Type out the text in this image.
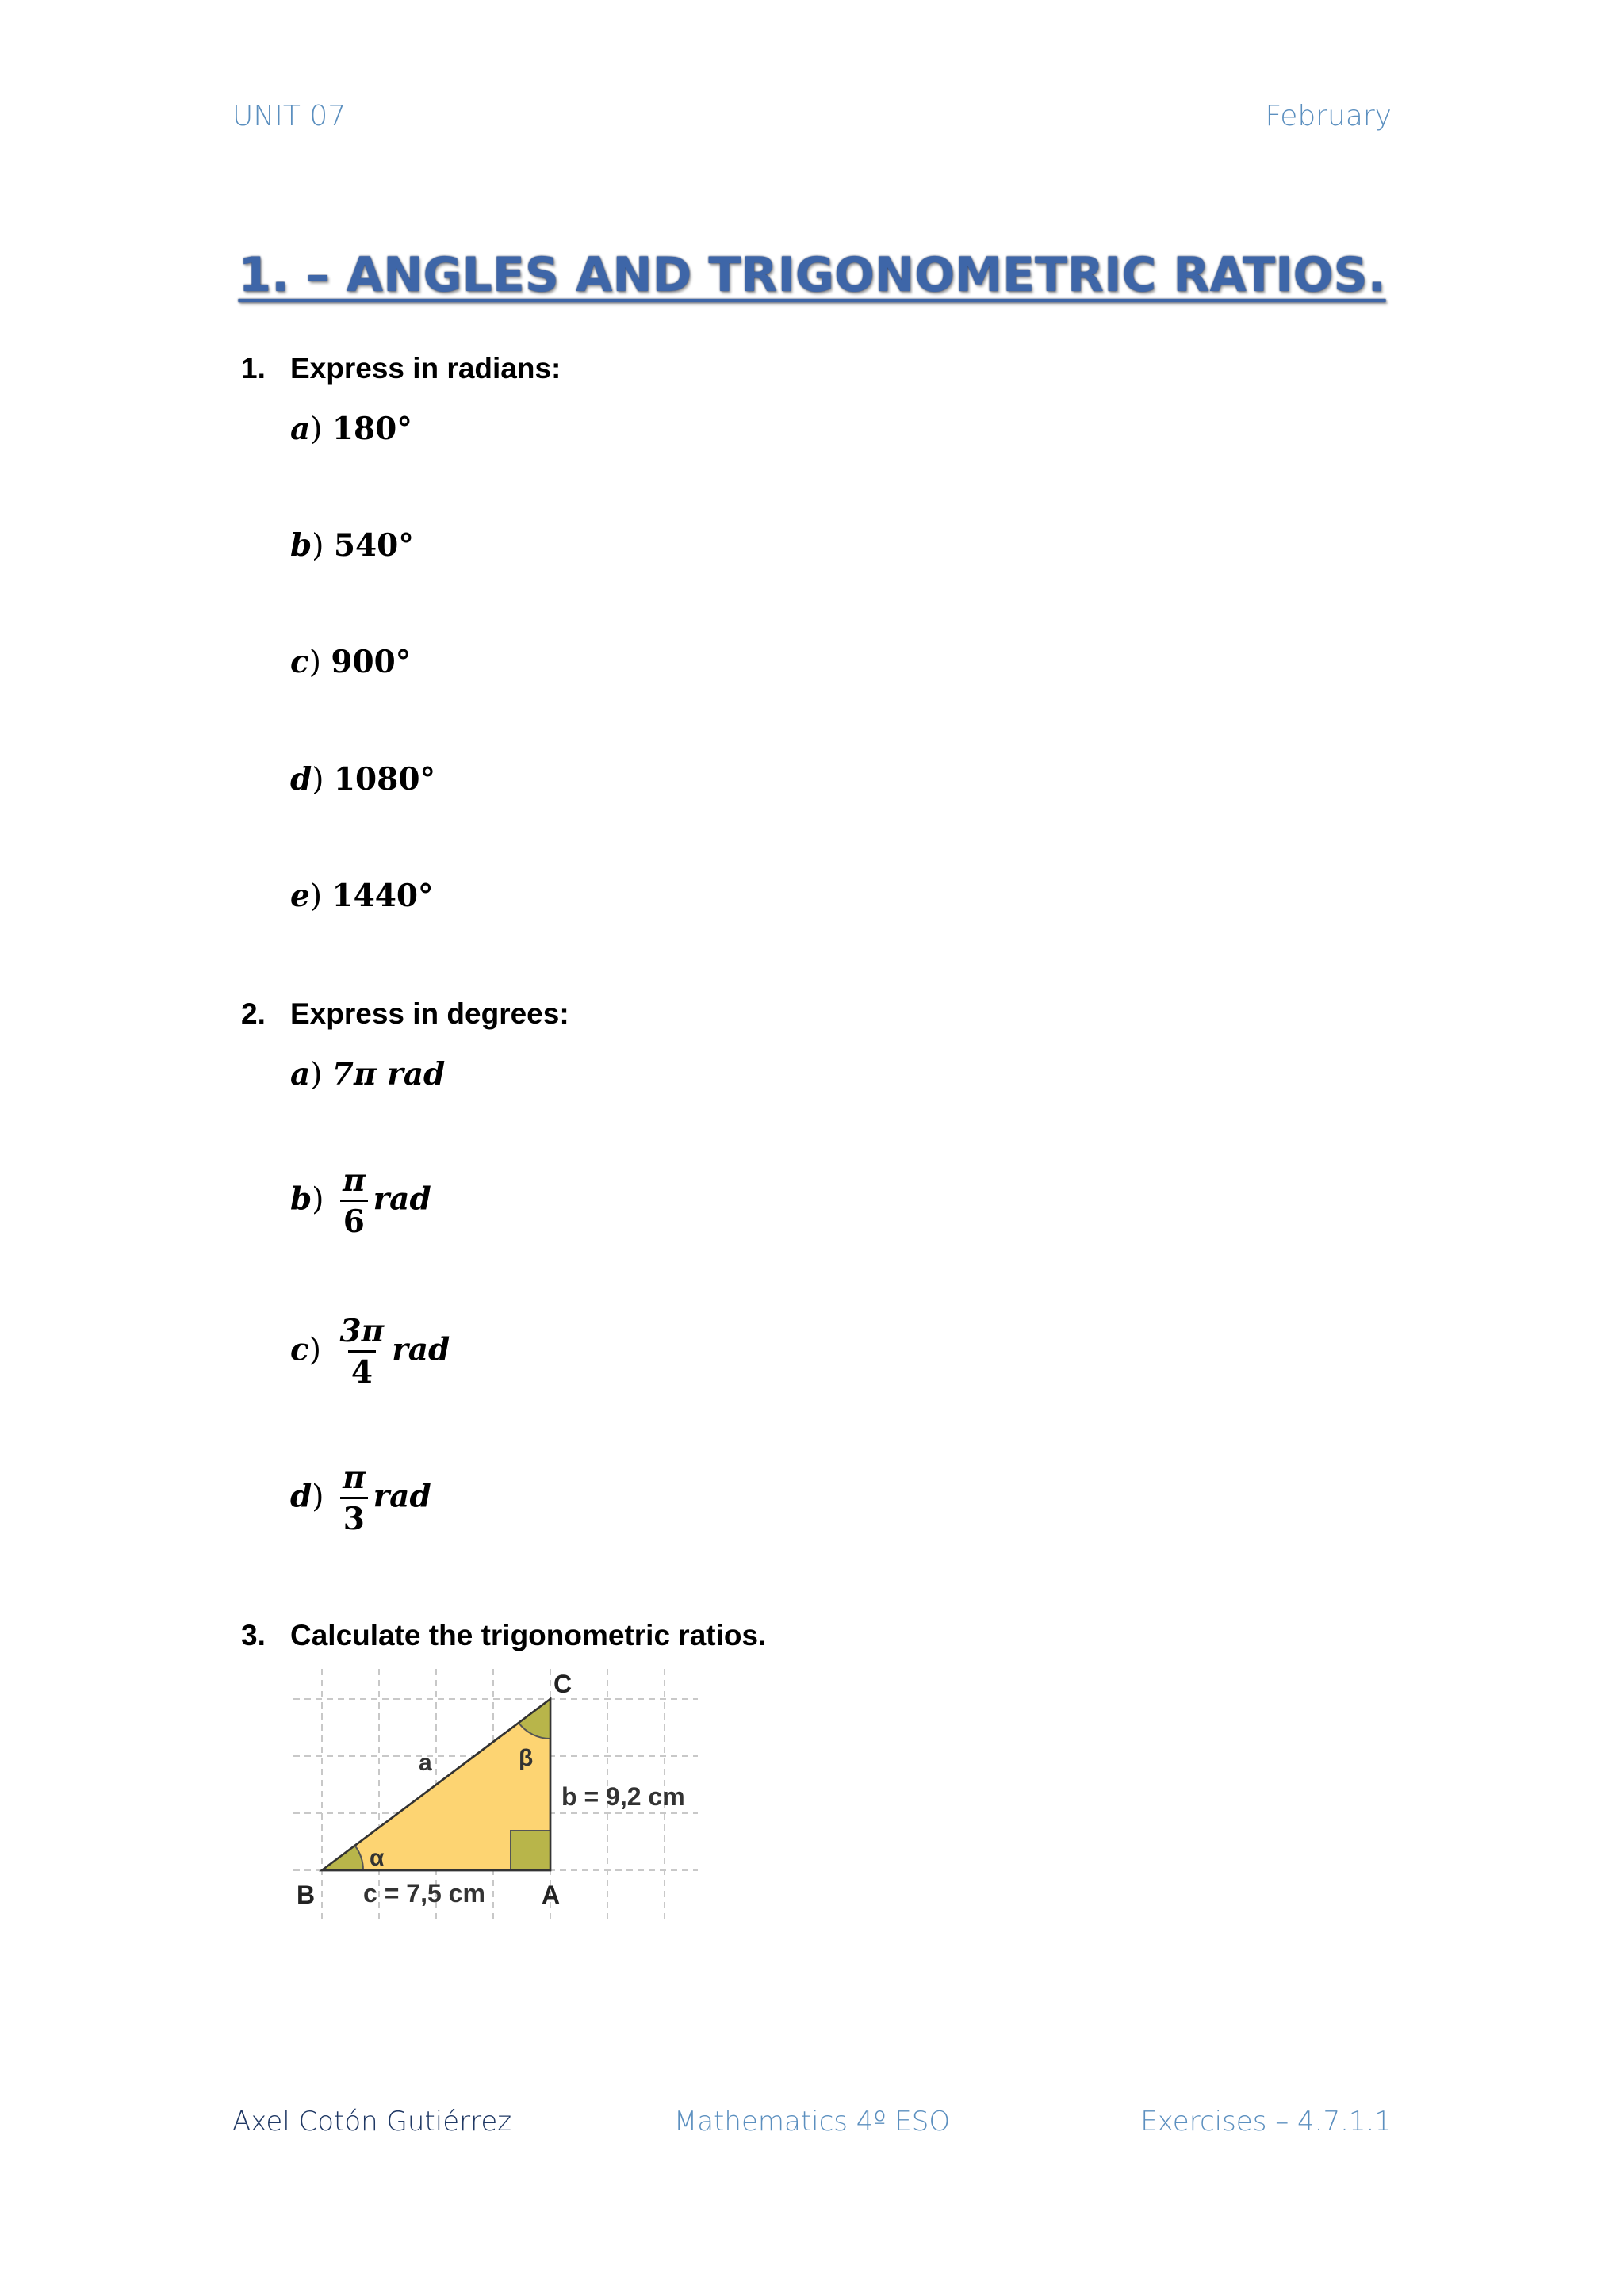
UNIT 07	February
1. – ANGLES AND TRIGONOMETRIC RATIOS.
1. Express in radians:
a) 180°
b) 540°
c) 900°
d) 1080°
e) 1440°
2. Express in degrees:
a) 7π rad
$b) \frac{\pi}{6}$ rad
$c) \frac{3\pi}{4}$ rad
$d) \frac{\pi}{3}$ rad
3. Calculate the trigonometric ratios.
C
B	A
a
b = 9,2 cm
c = 7,5 cm
α
β
Axel Cotón Gutiérrez	Mathematics 4º ESO	Exercises – 4.7.1.1
